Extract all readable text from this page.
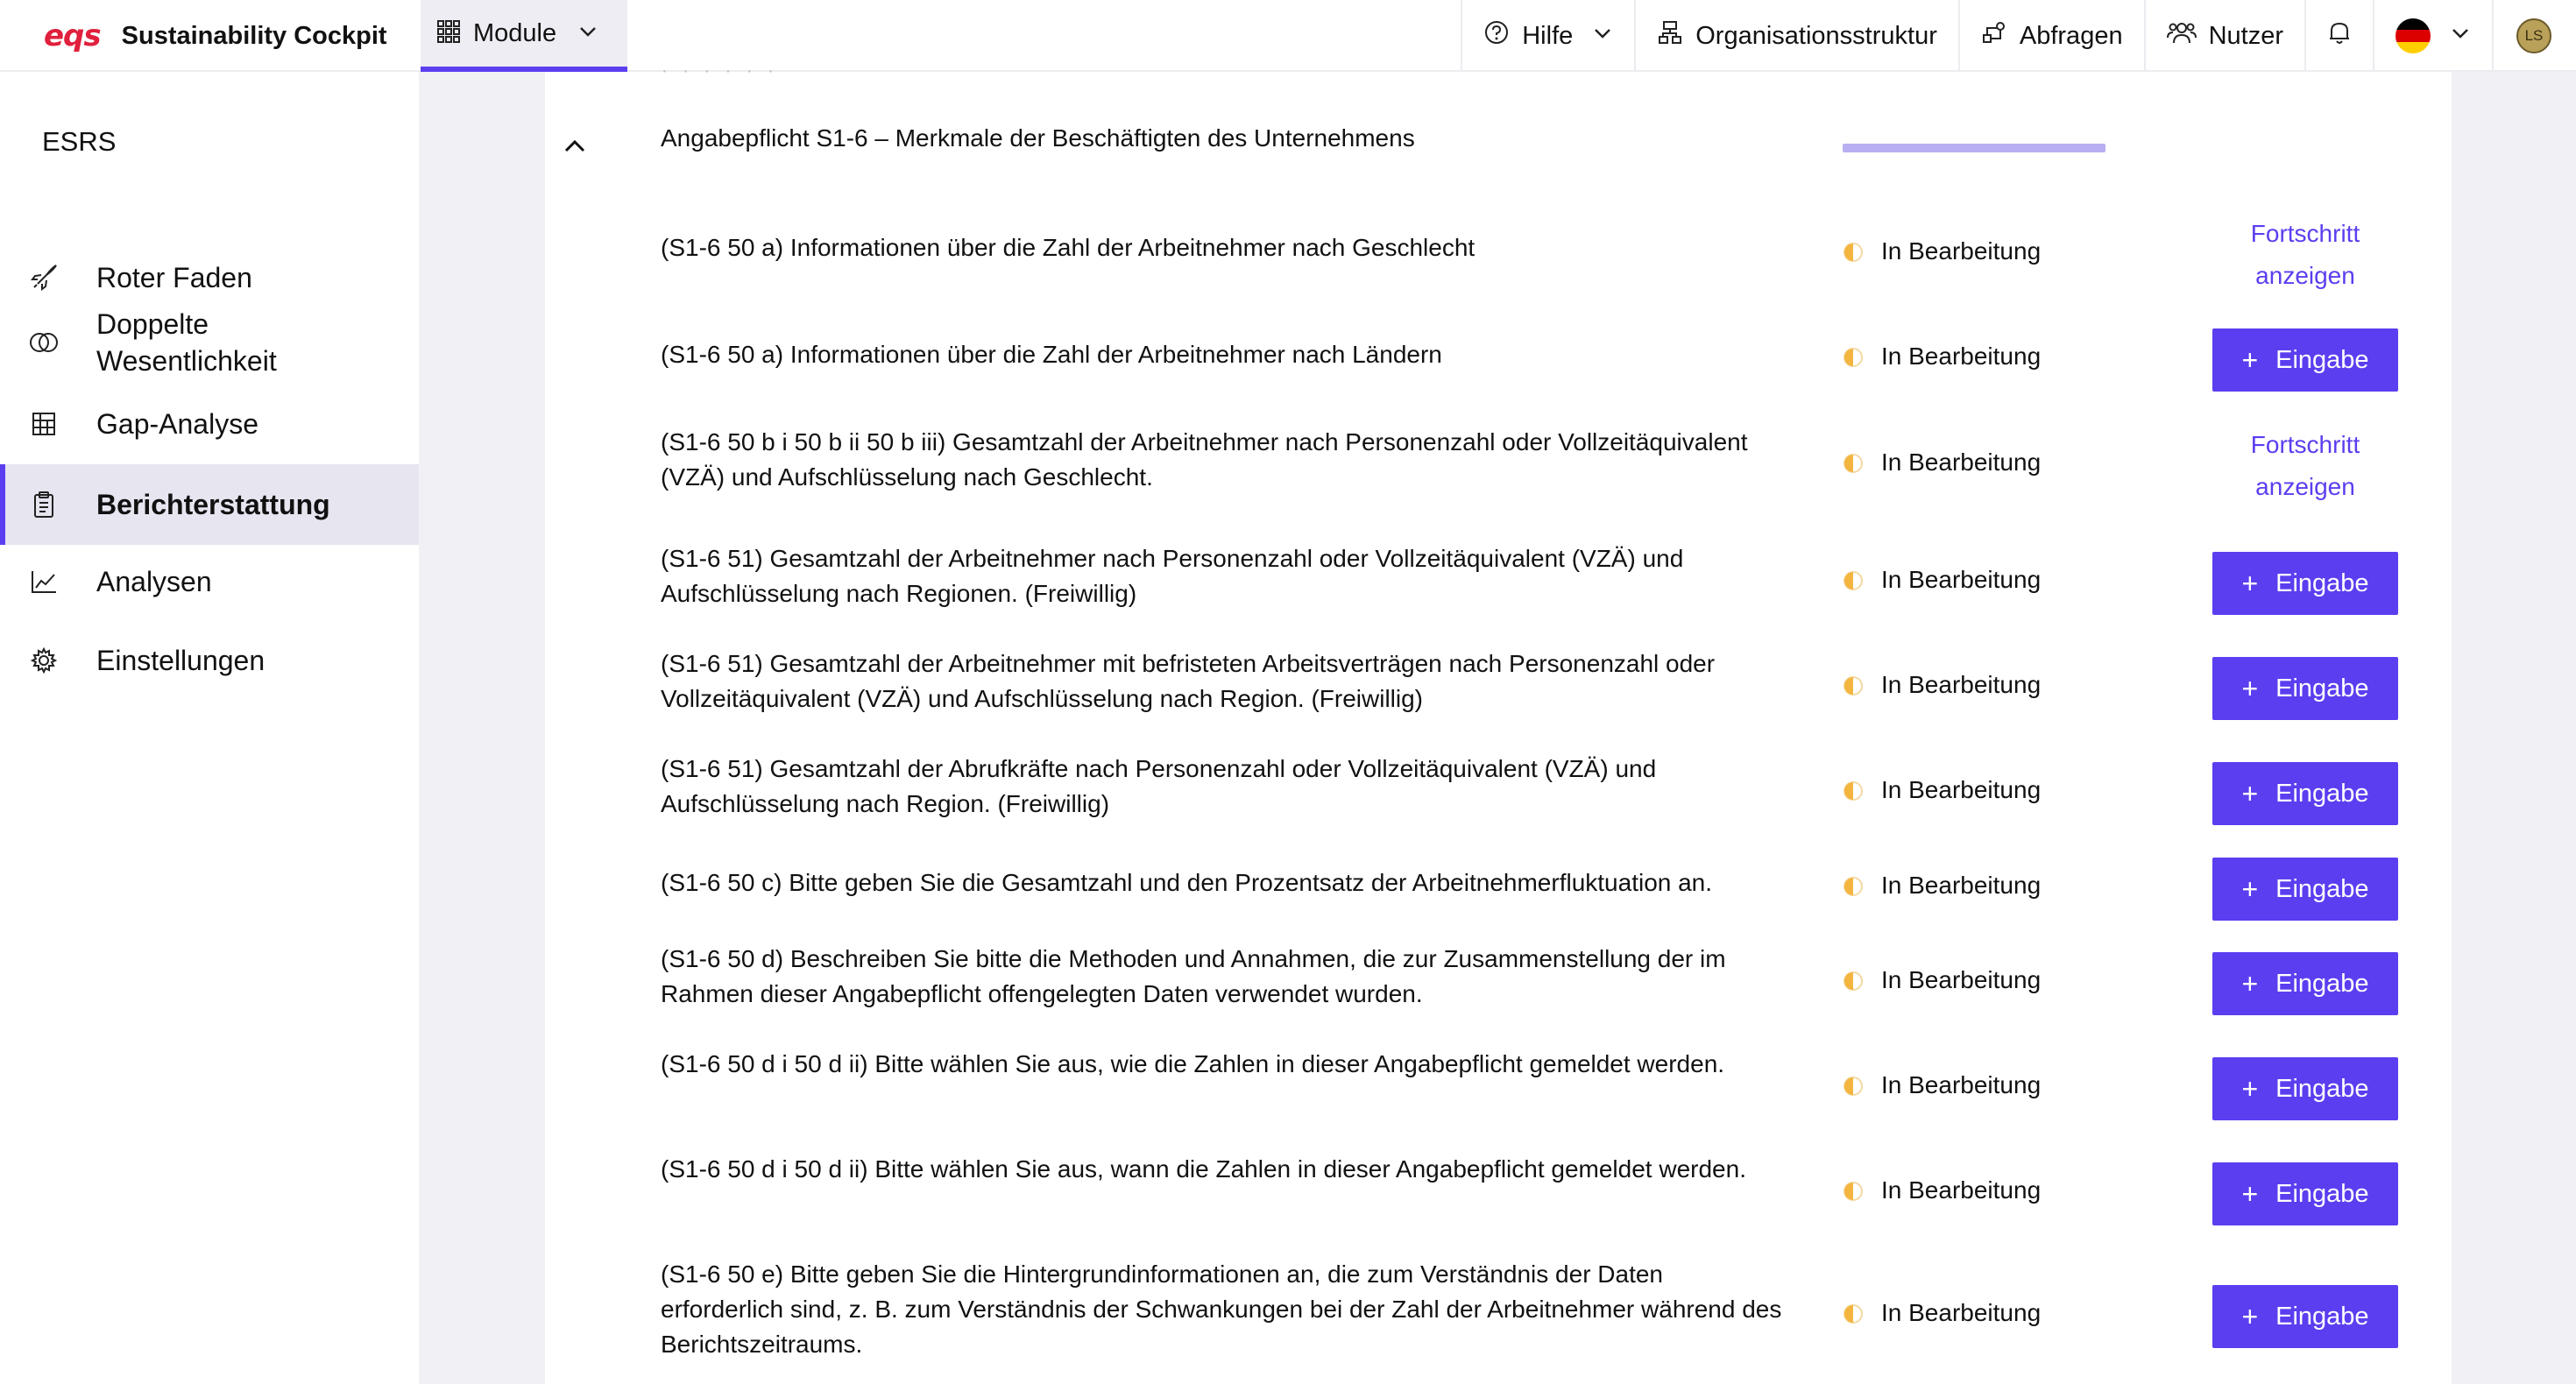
eqs Sustainability Cockpit	Module	Hilfe	Organisationsstruktur	Abfragen	Nutzer	LS
ESRS
Roter Faden
Doppelte
Wesentlichkeit
Gap-Analyse
Berichterstattung
Analysen
Einstellungen
· · · · · ·
Angabepflicht S1-6 – Merkmale der Beschäftigten des Unternehmens
(S1-6 50 a) Informationen über die Zahl der Arbeitnehmer nach Geschlecht	In Bearbeitung
Fortschritt
anzeigen
(S1-6 50 a) Informationen über die Zahl der Arbeitnehmer nach Ländern	In Bearbeitung	+ Eingabe
(S1-6 50 b i 50 b ii 50 b iii) Gesamtzahl der Arbeitnehmer nach Personenzahl oder Vollzeitäquivalent (VZÄ) und Aufschlüsselung nach Geschlecht.
In Bearbeitung
Fortschritt
anzeigen
(S1-6 51) Gesamtzahl der Arbeitnehmer nach Personenzahl oder Vollzeitäquivalent (VZÄ) und Aufschlüsselung nach Regionen. (Freiwillig)
In Bearbeitung	+ Eingabe
(S1-6 51) Gesamtzahl der Arbeitnehmer mit befristeten Arbeitsverträgen nach Personenzahl oder Vollzeitäquivalent (VZÄ) und Aufschlüsselung nach Region. (Freiwillig)
In Bearbeitung	+ Eingabe
(S1-6 51) Gesamtzahl der Abrufkräfte nach Personenzahl oder Vollzeitäquivalent (VZÄ) und Aufschlüsselung nach Region. (Freiwillig)
In Bearbeitung	+ Eingabe
(S1-6 50 c) Bitte geben Sie die Gesamtzahl und den Prozentsatz der Arbeitnehmerfluktuation an.	In Bearbeitung	+ Eingabe
(S1-6 50 d) Beschreiben Sie bitte die Methoden und Annahmen, die zur Zusammenstellung der im Rahmen dieser Angabepflicht offengelegten Daten verwendet wurden.
In Bearbeitung	+ Eingabe
(S1-6 50 d i 50 d ii) Bitte wählen Sie aus, wie die Zahlen in dieser Angabepflicht gemeldet werden.
In Bearbeitung	+ Eingabe
(S1-6 50 d i 50 d ii) Bitte wählen Sie aus, wann die Zahlen in dieser Angabepflicht gemeldet werden.
In Bearbeitung	+ Eingabe
(S1-6 50 e) Bitte geben Sie die Hintergrundinformationen an, die zum Verständnis der Daten erforderlich sind, z. B. zum Verständnis der Schwankungen bei der Zahl der Arbeitnehmer während des Berichtszeitraums.
In Bearbeitung	+ Eingabe
